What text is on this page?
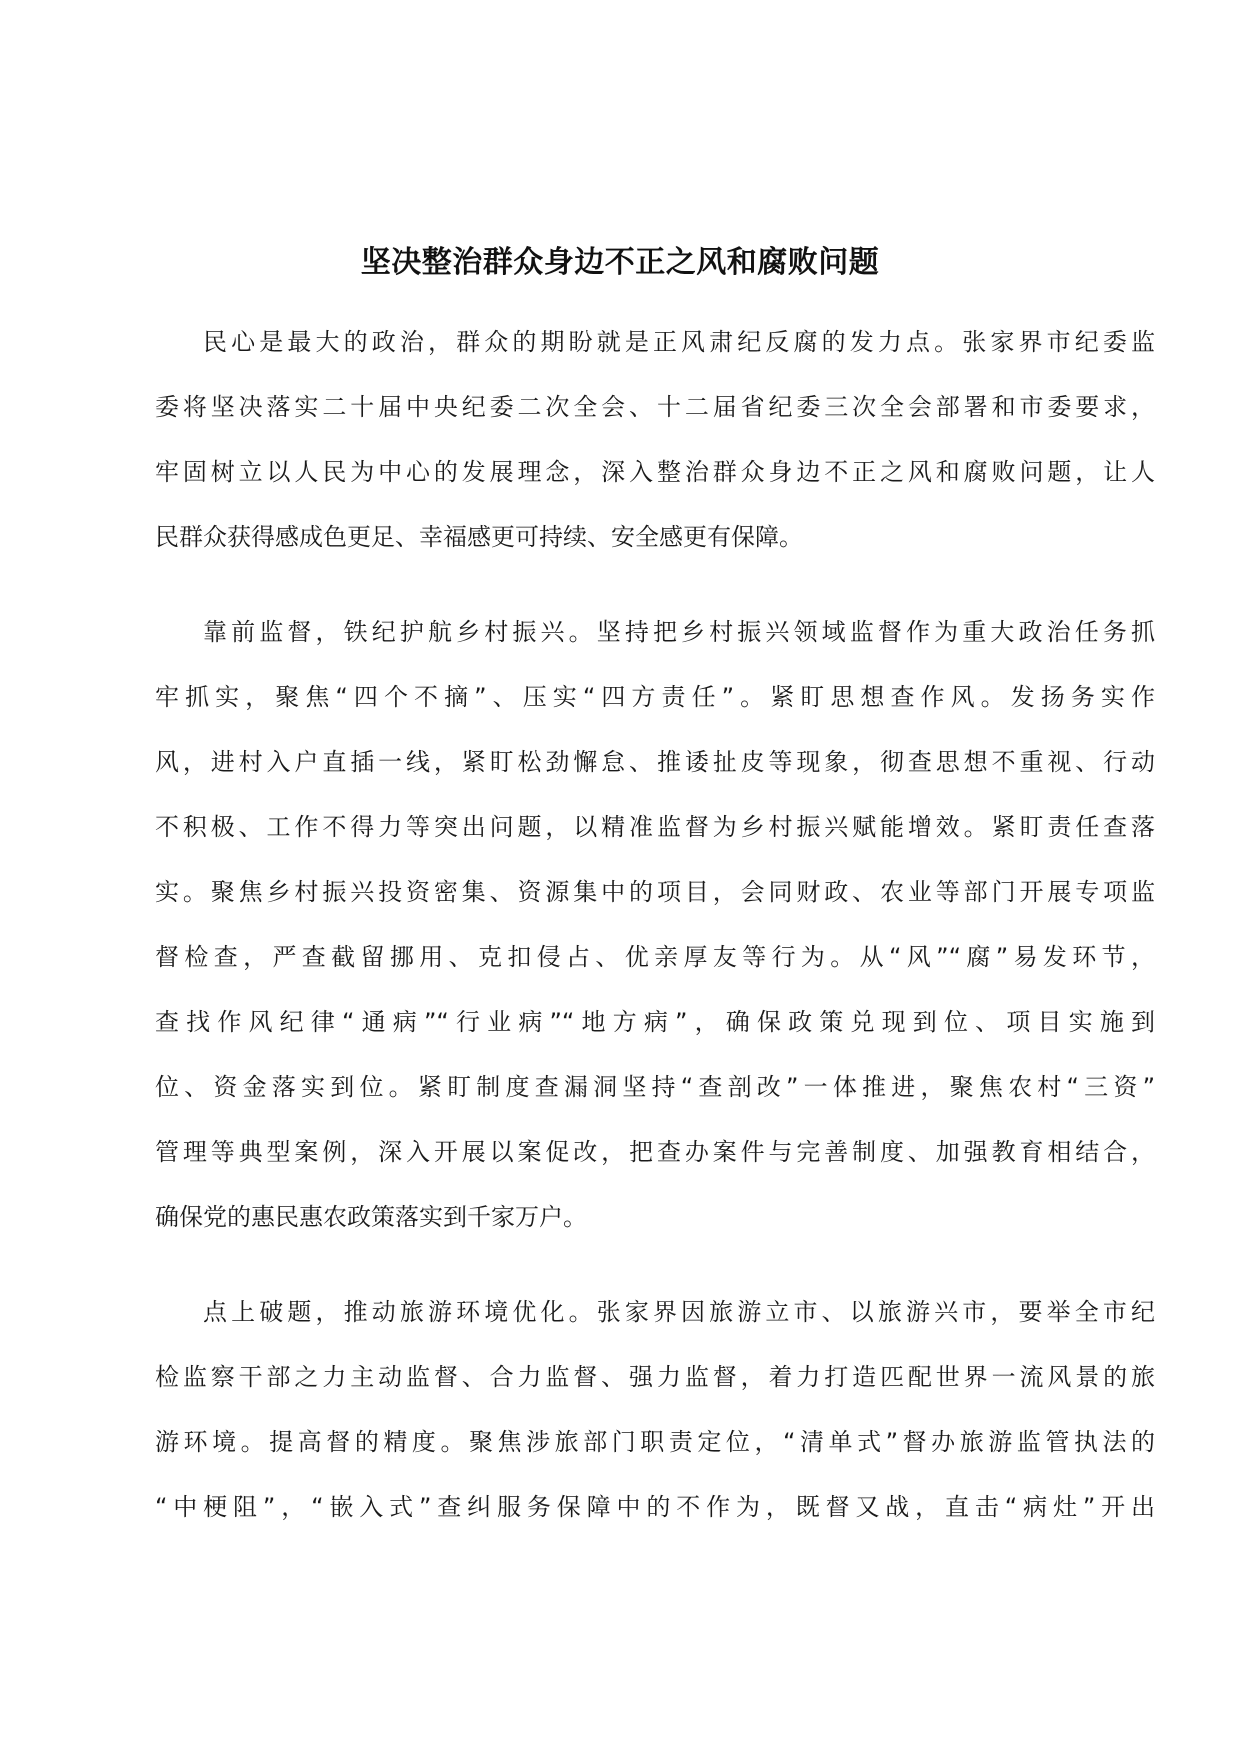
坚决整治群众身边不正之风和腐败问题
民心是最大的政治，群众的期盼就是正风肃纪反腐的发力点。张家界市纪委监
委将坚决落实二十届中央纪委二次全会、十二届省纪委三次全会部署和市委要求，
牢固树立以人民为中心的发展理念，深入整治群众身边不正之风和腐败问题，让人
民群众获得感成色更足、幸福感更可持续、安全感更有保障。
靠前监督，铁纪护航乡村振兴。坚持把乡村振兴领域监督作为重大政治任务抓
牢抓实，聚焦“四个不摘”、压实“四方责任”。紧盯思想查作风。发扬务实作
风，进村入户直插一线，紧盯松劲懈怠、推诿扯皮等现象，彻查思想不重视、行动
不积极、工作不得力等突出问题，以精准监督为乡村振兴赋能增效。紧盯责任查落
实。聚焦乡村振兴投资密集、资源集中的项目，会同财政、农业等部门开展专项监
督检查，严查截留挪用、克扣侵占、优亲厚友等行为。从“风”“腐”易发环节，
查找作风纪律“通病”“行业病”“地方病”，确保政策兑现到位、项目实施到
位、资金落实到位。紧盯制度查漏洞坚持“查剖改”一体推进，聚焦农村“三资”
管理等典型案例，深入开展以案促改，把查办案件与完善制度、加强教育相结合，
确保党的惠民惠农政策落实到千家万户。
点上破题，推动旅游环境优化。张家界因旅游立市、以旅游兴市，要举全市纪
检监察干部之力主动监督、合力监督、强力监督，着力打造匹配世界一流风景的旅
游环境。提高督的精度。聚焦涉旅部门职责定位，“清单式”督办旅游监管执法的
“中梗阻”，“嵌入式”查纠服务保障中的不作为，既督又战，直击“病灶”开出
